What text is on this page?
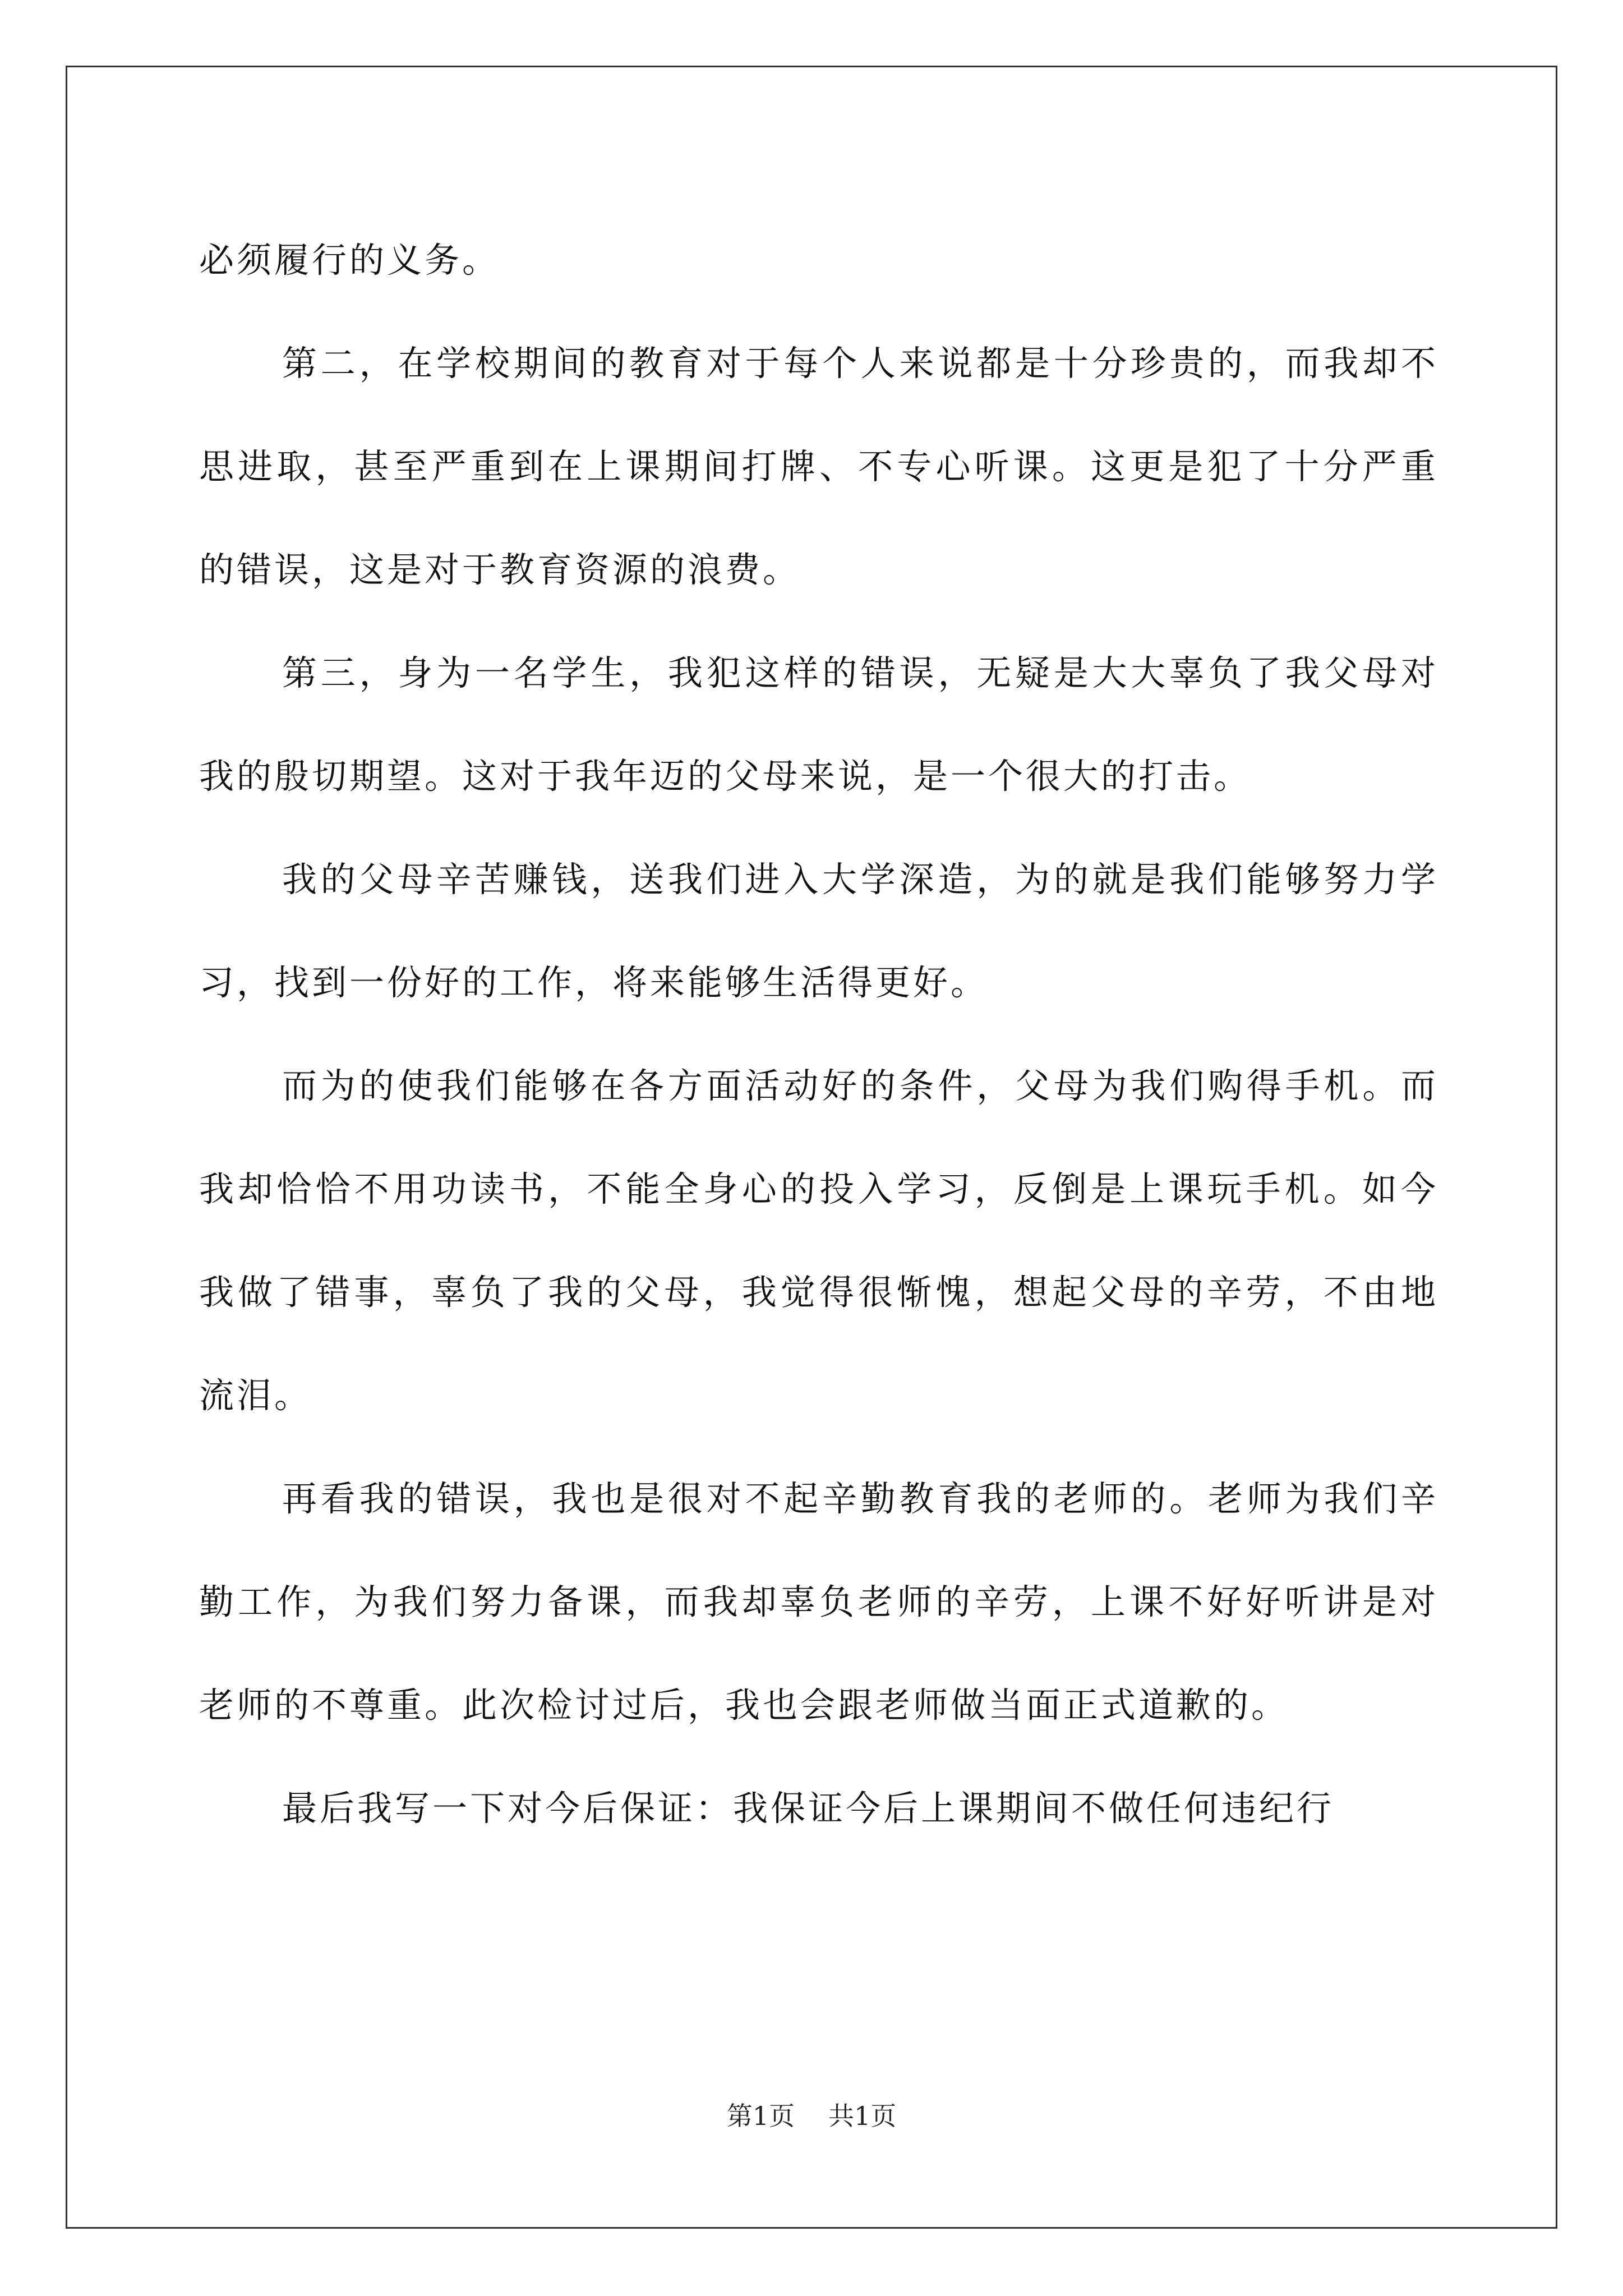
必须履行的义务。

第二，在学校期间的教育对于每个人来说都是十分珍贵的，而我却不思进取，甚至严重到在上课期间打牌、不专心听课。这更是犯了十分严重的错误，这是对于教育资源的浪费。

第三，身为一名学生，我犯这样的错误，无疑是大大辜负了我父母对我的殷切期望。这对于我年迈的父母来说，是一个很大的打击。

我的父母辛苦赚钱，送我们进入大学深造，为的就是我们能够努力学习，找到一份好的工作，将来能够生活得更好。

而为的使我们能够在各方面活动好的条件，父母为我们购得手机。而我却恰恰不用功读书，不能全身心的投入学习，反倒是上课玩手机。如今我做了错事，辜负了我的父母，我觉得很惭愧，想起父母的辛劳，不由地流泪。

再看我的错误，我也是很对不起辛勤教育我的老师的。老师为我们辛勤工作，为我们努力备课，而我却辜负老师的辛劳，上课不好好听讲是对老师的不尊重。此次检讨过后，我也会跟老师做当面正式道歉的。

最后我写一下对今后保证：我保证今后上课期间不做任何违纪行

第1页 共1页
